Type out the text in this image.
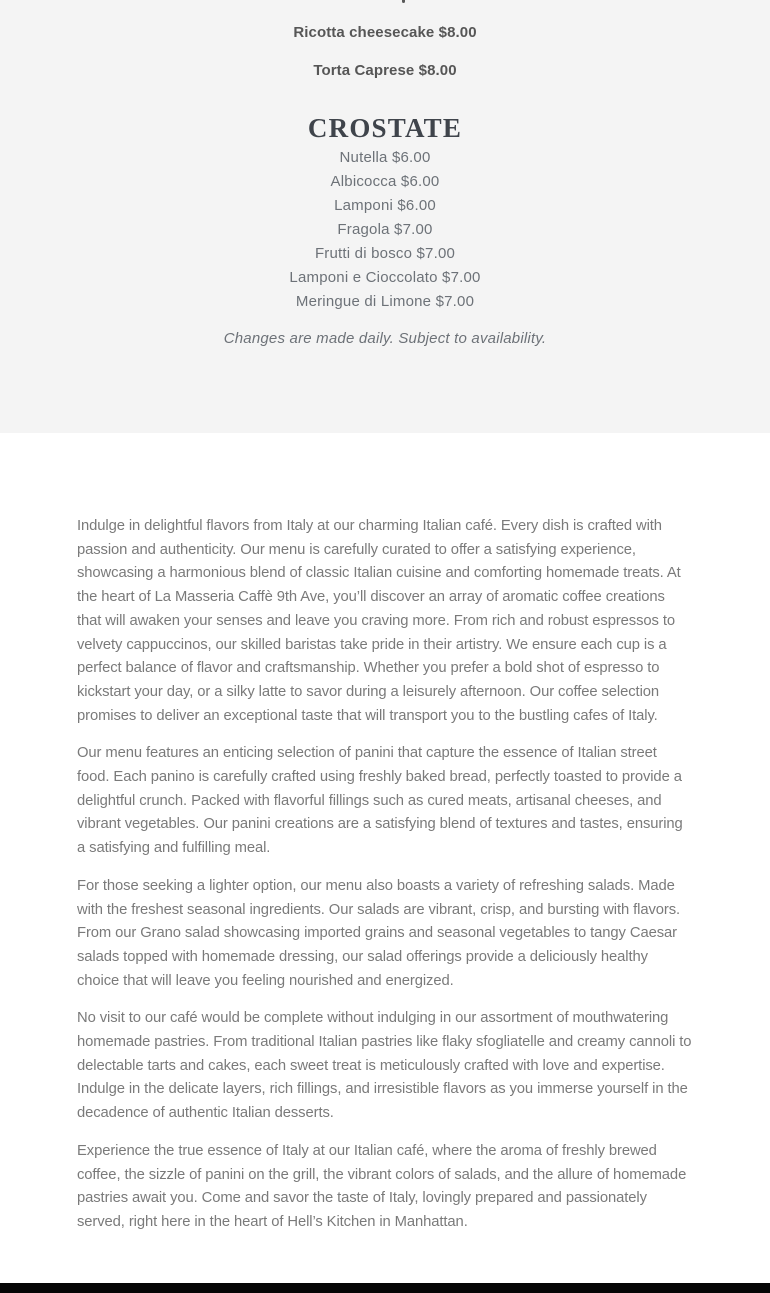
Ricotta cheesecake $8.00

Torta Caprese $8.00

CROSTATE

Nutella $6.00

Albicocca $6.00

Lamponi $6.00

Fragola $7.00

Frutti di bosco $7.00

Lamponi e Cioccolato $7.00

Meringue di Limone $7.00

Changes are made daily. Subject to availability.

Indulge in delightful flavors from Italy at our charming Italian café. Every dish is crafted with passion and authenticity. Our menu is carefully curated to offer a satisfying experience, showcasing a harmonious blend of classic Italian cuisine and comforting homemade treats. At the heart of La Masseria Caffè 9th Ave, you’ll discover an array of aromatic coffee creations that will awaken your senses and leave you craving more. From rich and robust espressos to velvety cappuccinos, our skilled baristas take pride in their artistry. We ensure each cup is a perfect balance of flavor and craftsmanship. Whether you prefer a bold shot of espresso to kickstart your day, or a silky latte to savor during a leisurely afternoon. Our coffee selection promises to deliver an exceptional taste that will transport you to the bustling cafes of Italy.

Our menu features an enticing selection of panini that capture the essence of Italian street food. Each panino is carefully crafted using freshly baked bread, perfectly toasted to provide a delightful crunch. Packed with flavorful fillings such as cured meats, artisanal cheeses, and vibrant vegetables. Our panini creations are a satisfying blend of textures and tastes, ensuring a satisfying and fulfilling meal.

For those seeking a lighter option, our menu also boasts a variety of refreshing salads. Made with the freshest seasonal ingredients. Our salads are vibrant, crisp, and bursting with flavors. From our Grano salad showcasing imported grains and seasonal vegetables to tangy Caesar salads topped with homemade dressing, our salad offerings provide a deliciously healthy choice that will leave you feeling nourished and energized.

No visit to our café would be complete without indulging in our assortment of mouthwatering homemade pastries. From traditional Italian pastries like flaky sfogliatelle and creamy cannoli to delectable tarts and cakes, each sweet treat is meticulously crafted with love and expertise. Indulge in the delicate layers, rich fillings, and irresistible flavors as you immerse yourself in the decadence of authentic Italian desserts.

Experience the true essence of Italy at our Italian café, where the aroma of freshly brewed coffee, the sizzle of panini on the grill, the vibrant colors of salads, and the allure of homemade pastries await you. Come and savor the taste of Italy, lovingly prepared and passionately served, right here in the heart of Hell’s Kitchen in Manhattan.
